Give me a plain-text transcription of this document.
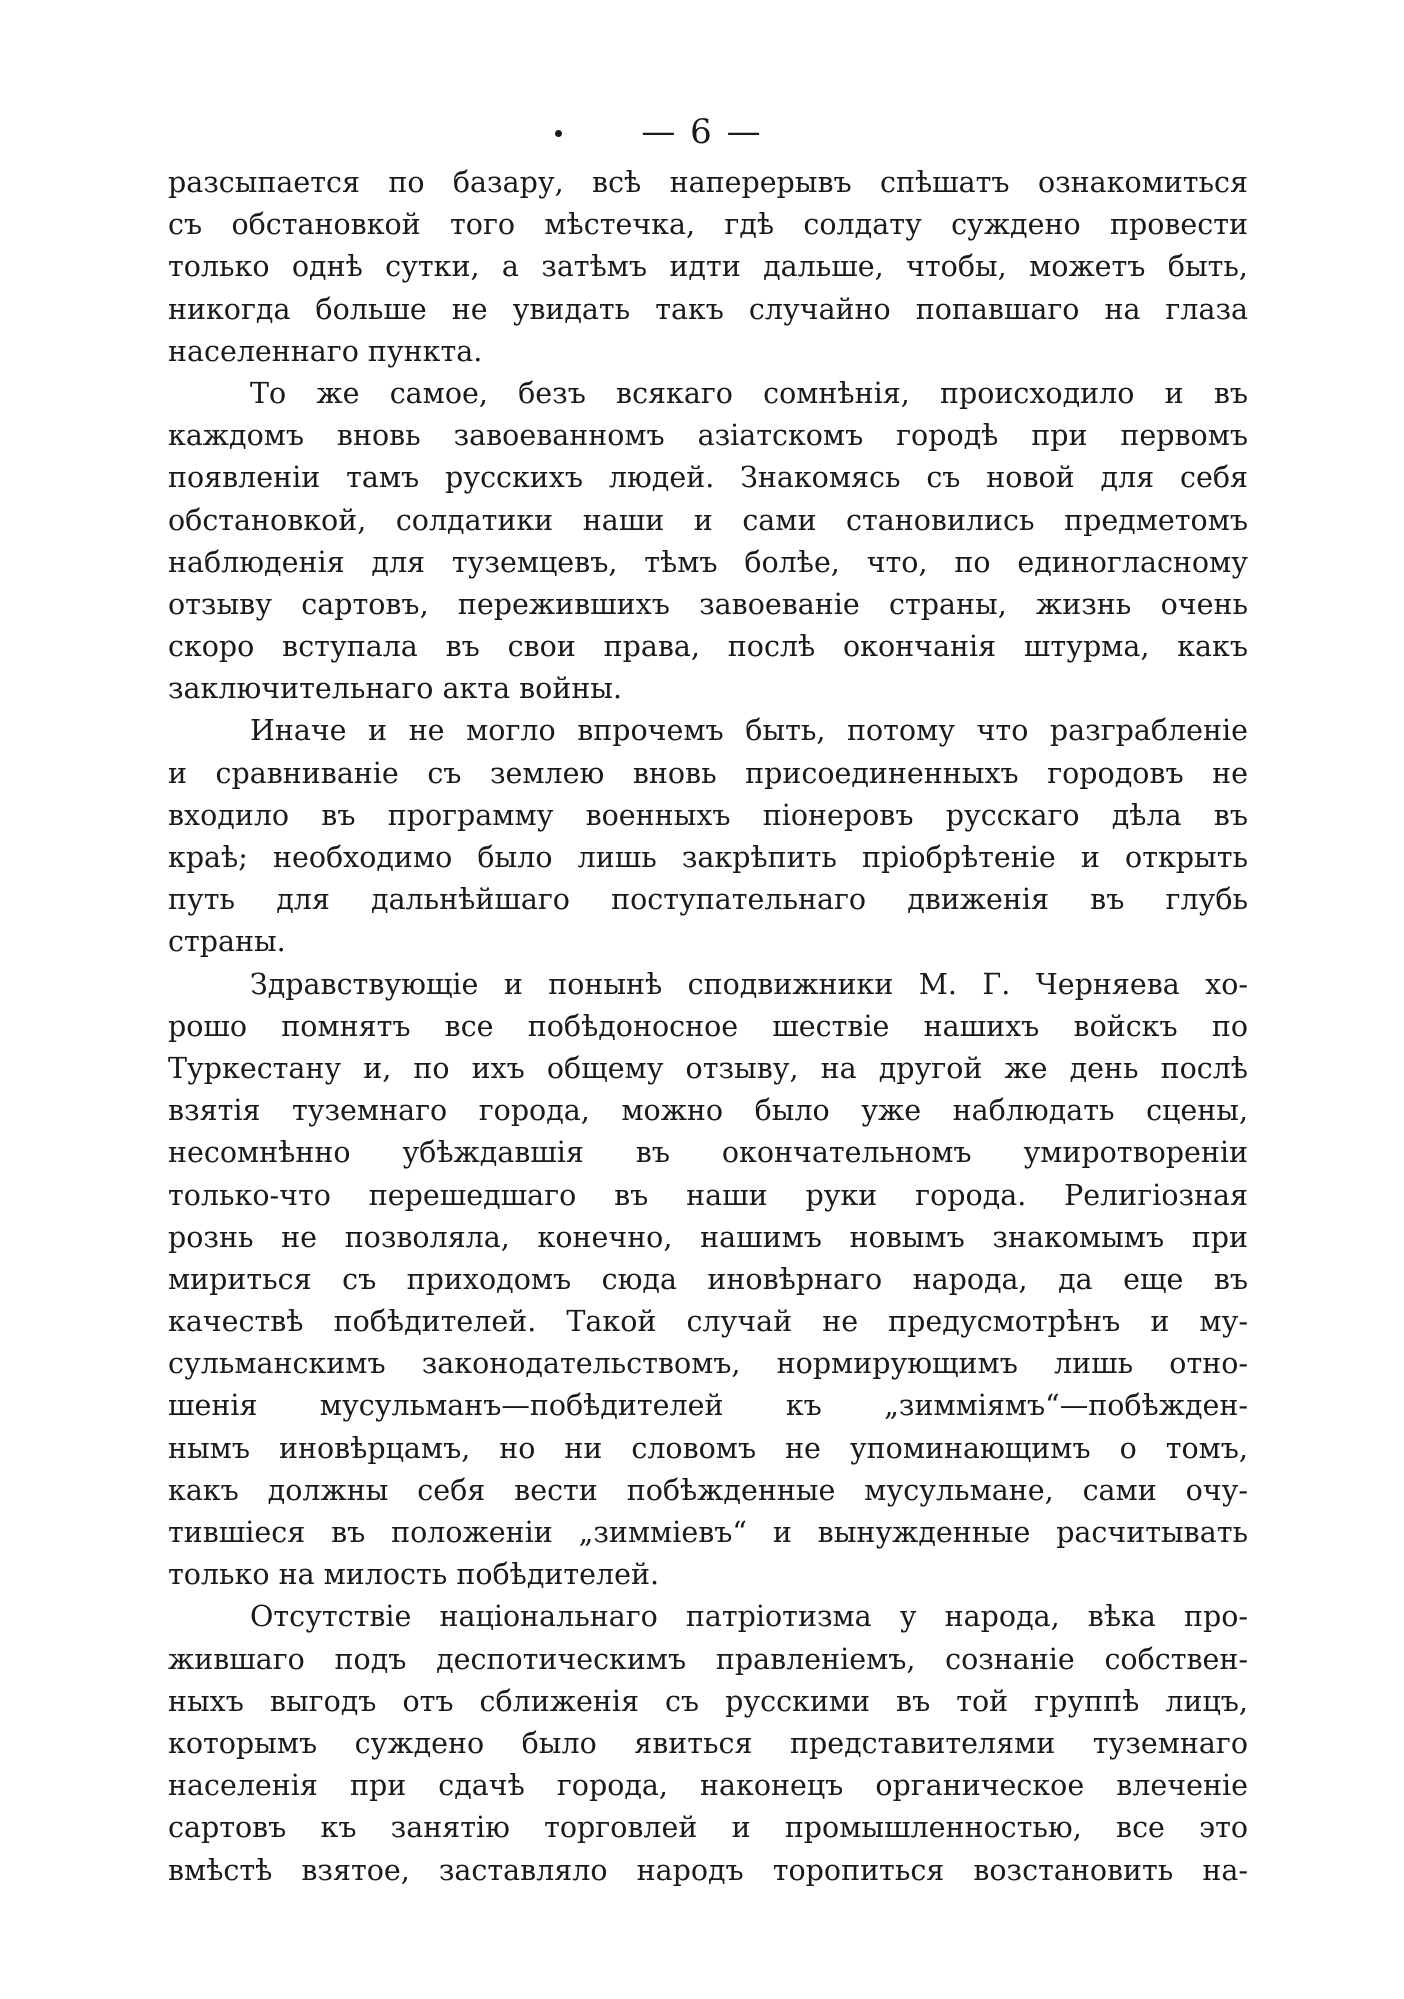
— 6 —
разсыпается по базару, всѣ наперерывъ спѣшатъ ознакомиться
съ обстановкой того мѣстечка, гдѣ солдату суждено провести
только однѣ сутки, а затѣмъ идти дальше, чтобы, можетъ быть,
никогда больше не увидать такъ случайно попавшаго на глаза
населеннаго пункта.
То же самое, безъ всякаго сомнѣнія, происходило и въ
каждомъ вновь завоеванномъ азіатскомъ городѣ при первомъ
появленіи тамъ русскихъ людей. Знакомясь съ новой для себя
обстановкой, солдатики наши и сами становились предметомъ
наблюденія для туземцевъ, тѣмъ болѣе, что, по единогласному
отзыву сартовъ, пережившихъ завоеваніе страны, жизнь очень
скоро вступала въ свои права, послѣ окончанія штурма, какъ
заключительнаго акта войны.
Иначе и не могло впрочемъ быть, потому что разграбленіе
и сравниваніе съ землею вновь присоединенныхъ городовъ не
входило въ программу военныхъ піонеровъ русскаго дѣла въ
краѣ; необходимо было лишь закрѣпить пріобрѣтеніе и открыть
путь для дальнѣйшаго поступательнаго движенія въ глубь
страны.
Здравствующіе и понынѣ сподвижники М. Г. Черняева хо-
рошо помнятъ все побѣдоносное шествіе нашихъ войскъ по
Туркестану и, по ихъ общему отзыву, на другой же день послѣ
взятія туземнаго города, можно было уже наблюдать сцены,
несомнѣнно убѣждавшія въ окончательномъ умиротвореніи
только-что перешедшаго въ наши руки города. Религіозная
рознь не позволяла, конечно, нашимъ новымъ знакомымъ при
мириться съ приходомъ сюда иновѣрнаго народа, да еще въ
качествѣ побѣдителей. Такой случай не предусмотрѣнъ и му-
сульманскимъ законодательствомъ, нормирующимъ лишь отно-
шенія мусульманъ—побѣдителей къ „зимміямъ“—побѣжден-
нымъ иновѣрцамъ, но ни словомъ не упоминающимъ о томъ,
какъ должны себя вести побѣжденные мусульмане, сами очу-
тившіеся въ положеніи „зимміевъ“ и вынужденные расчитывать
только на милость побѣдителей.
Отсутствіе національнаго патріотизма у народа, вѣка про-
жившаго подъ деспотическимъ правленіемъ, сознаніе собствен-
ныхъ выгодъ отъ сближенія съ русскими въ той группѣ лицъ,
которымъ суждено было явиться представителями туземнаго
населенія при сдачѣ города, наконецъ органическое влеченіе
сартовъ къ занятію торговлей и промышленностью, все это
вмѣстѣ взятое, заставляло народъ торопиться возстановить на-
